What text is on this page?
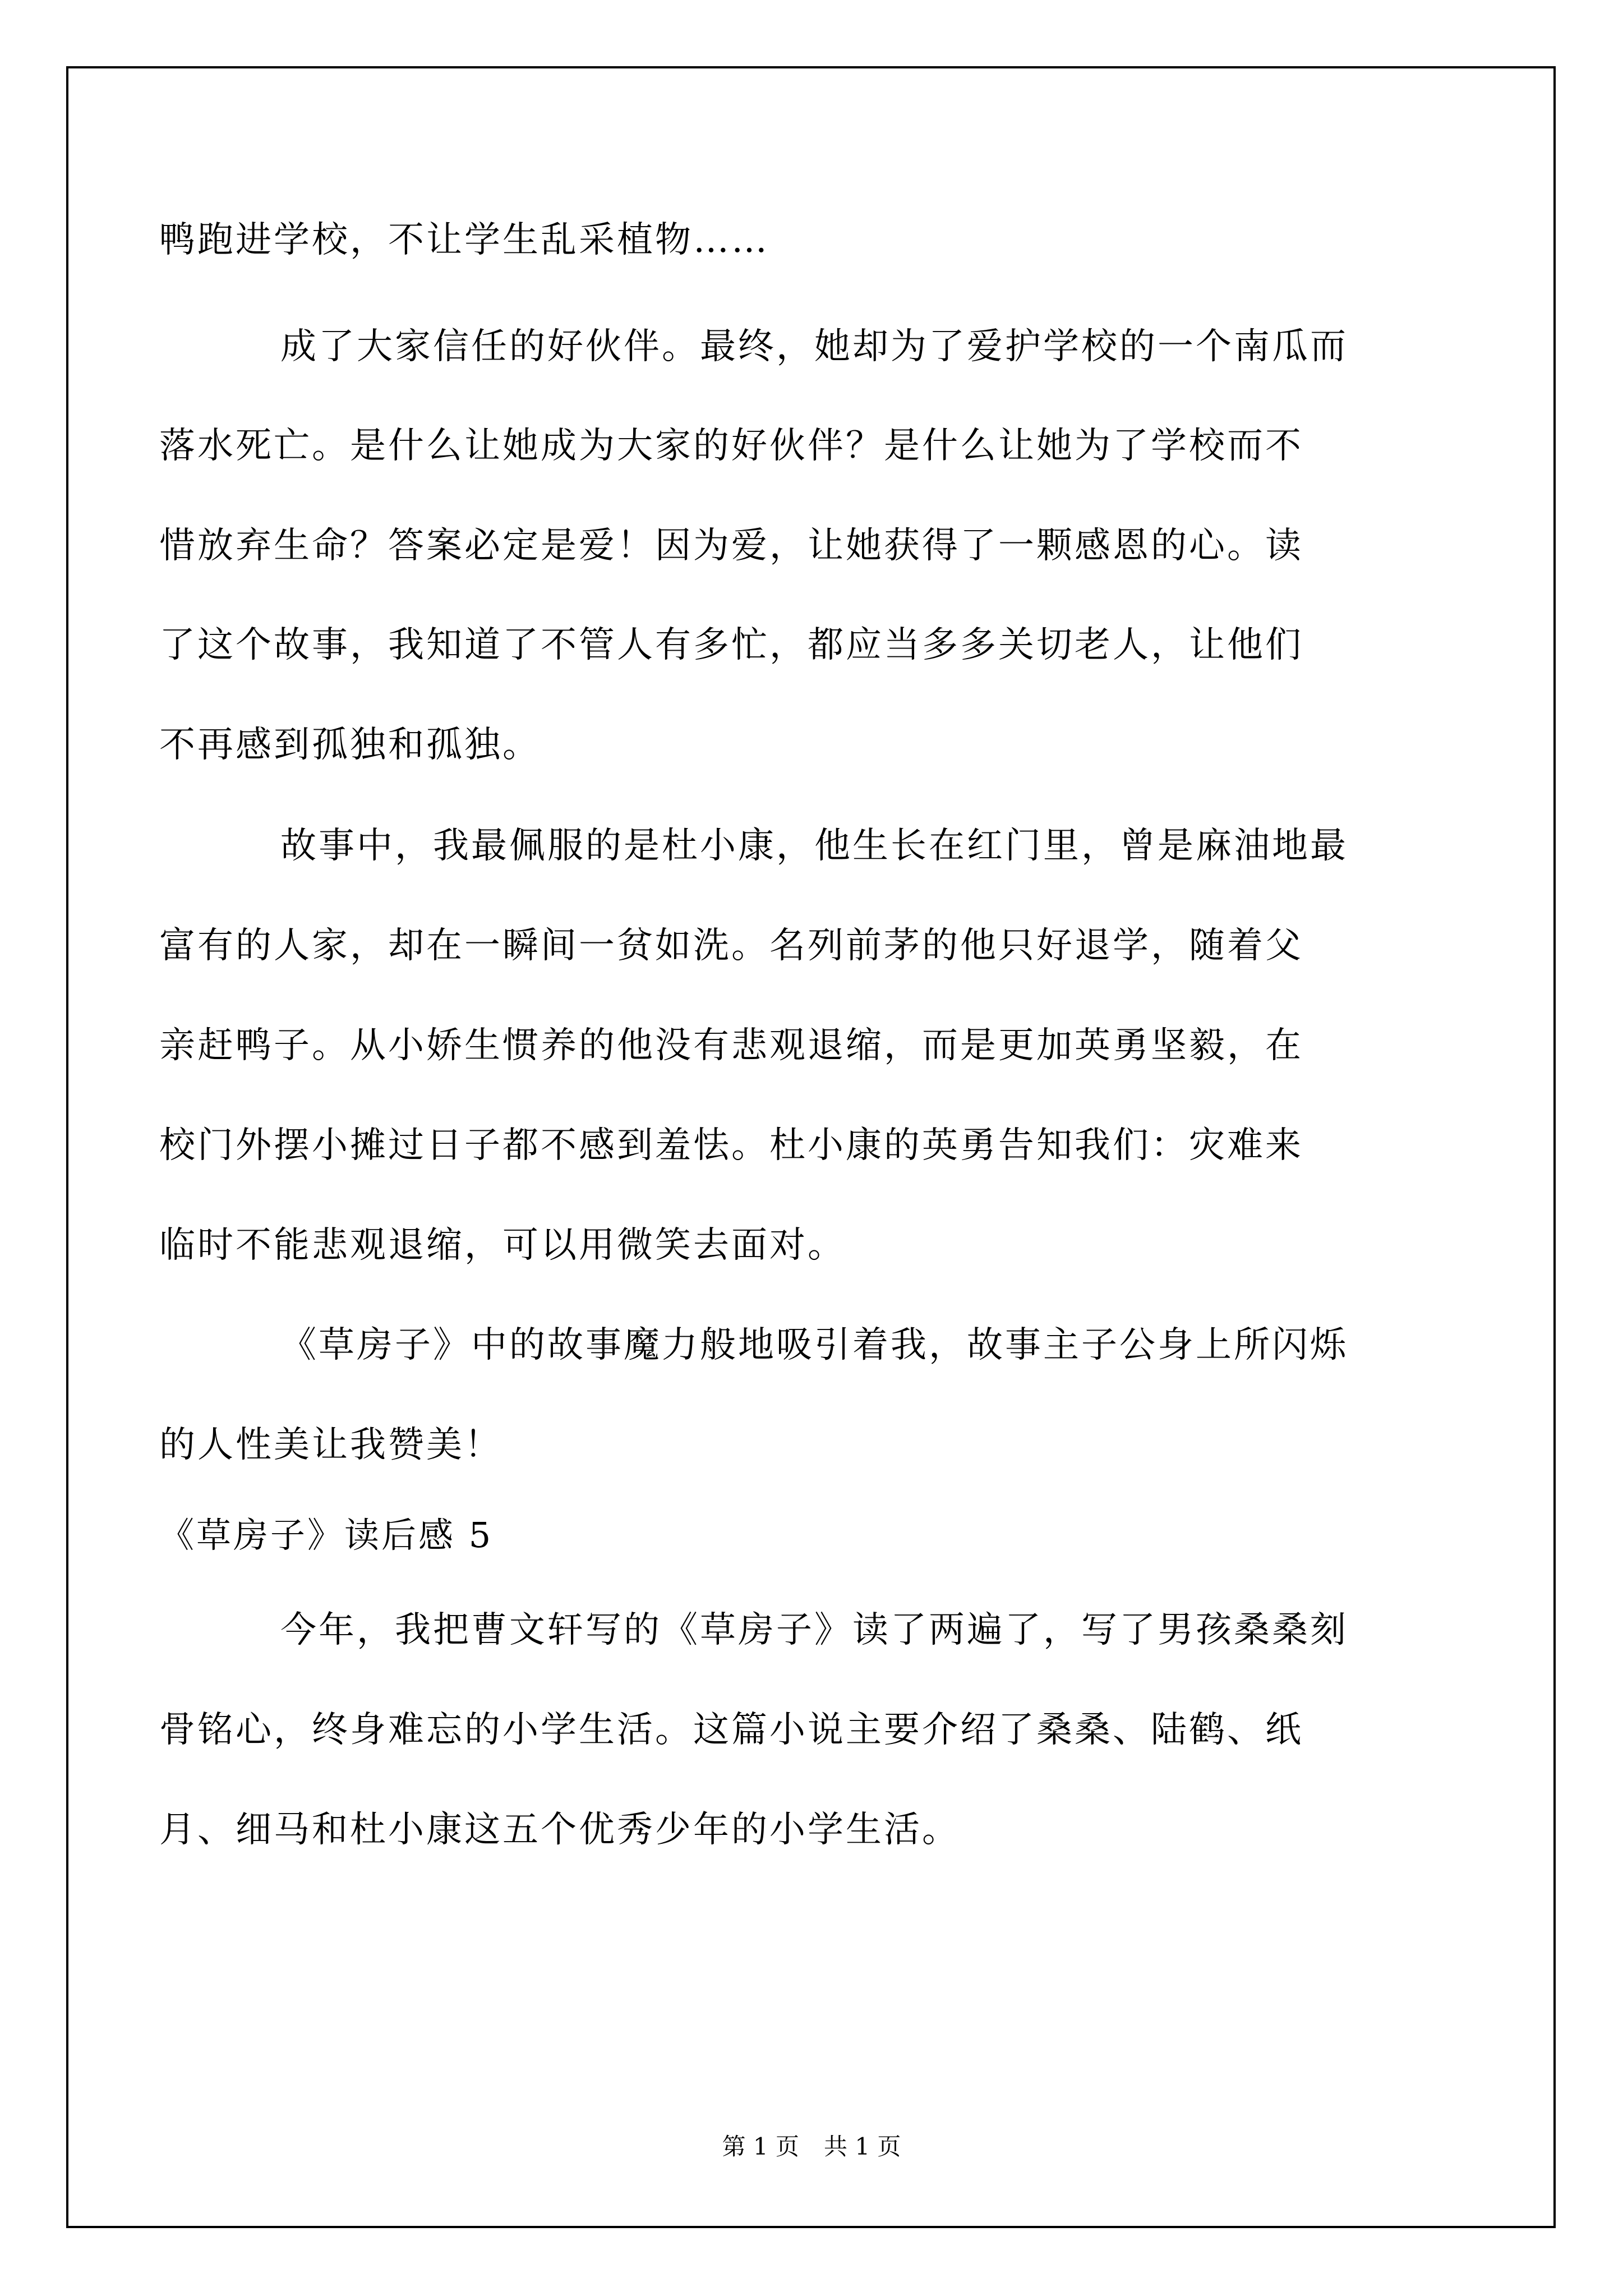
鸭跑进学校，不让学生乱采植物……
成了大家信任的好伙伴。最终，她却为了爱护学校的一个南瓜而
落水死亡。是什么让她成为大家的好伙伴？是什么让她为了学校而不
惜放弃生命？答案必定是爱！因为爱，让她获得了一颗感恩的心。读
了这个故事，我知道了不管人有多忙，都应当多多关切老人，让他们
不再感到孤独和孤独。
故事中，我最佩服的是杜小康，他生长在红门里，曾是麻油地最
富有的人家，却在一瞬间一贫如洗。名列前茅的他只好退学，随着父
亲赶鸭子。从小娇生惯养的他没有悲观退缩，而是更加英勇坚毅，在
校门外摆小摊过日子都不感到羞怯。杜小康的英勇告知我们：灾难来
临时不能悲观退缩，可以用微笑去面对。
《草房子》中的故事魔力般地吸引着我，故事主子公身上所闪烁
的人性美让我赞美！
《草房子》读后感 5
今年，我把曹文轩写的《草房子》读了两遍了，写了男孩桑桑刻
骨铭心，终身难忘的小学生活。这篇小说主要介绍了桑桑、陆鹤、纸
月、细马和杜小康这五个优秀少年的小学生活。
第 1 页 共 1 页
